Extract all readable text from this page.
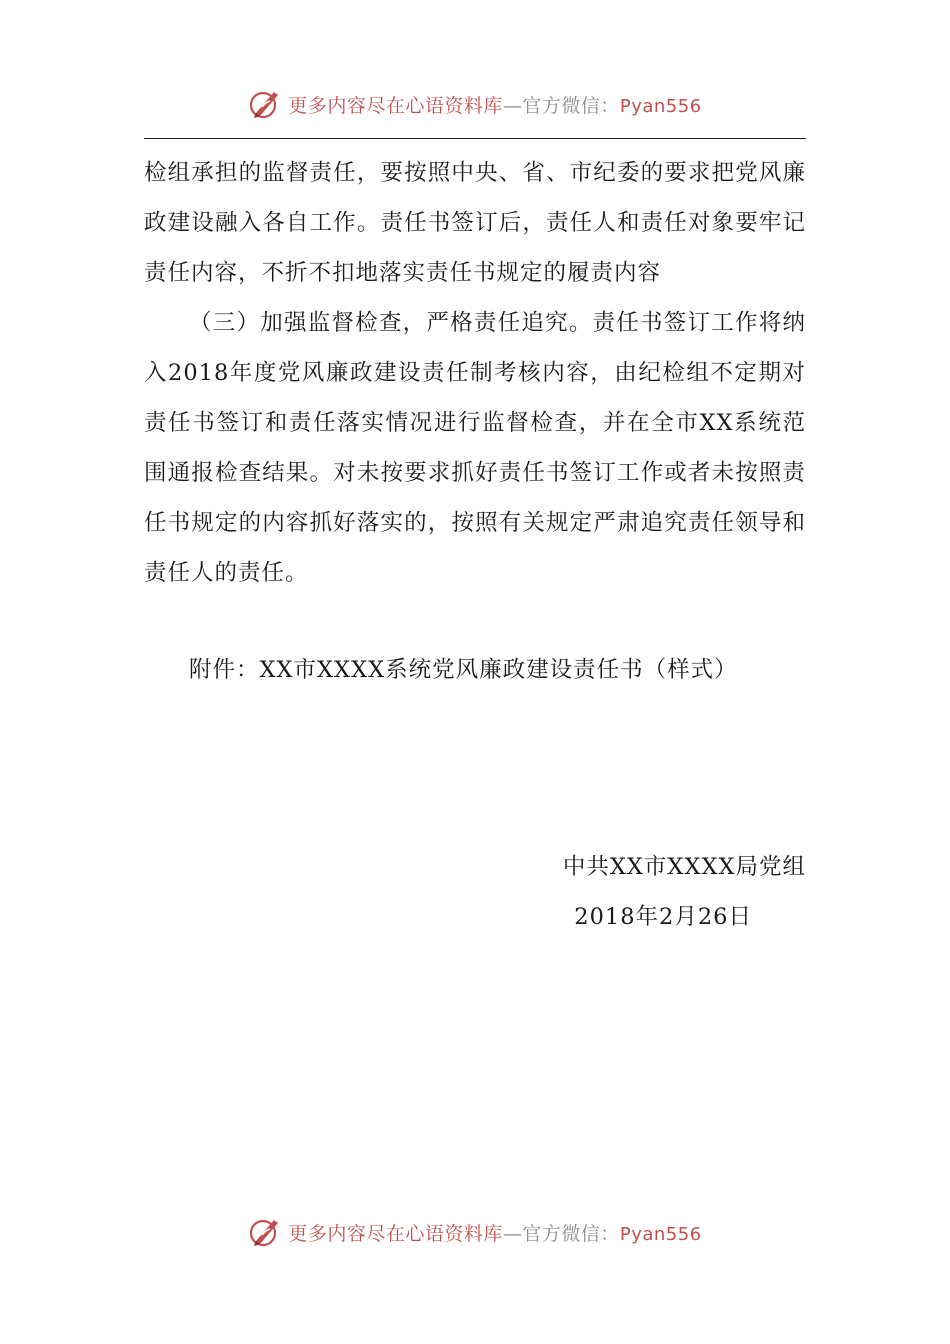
更多内容尽在心语资料库—官方微信：Pyan556

检组承担的监督责任，要按照中央、省、市纪委的要求把党风廉政建设融入各自工作。责任书签订后，责任人和责任对象要牢记责任内容，不折不扣地落实责任书规定的履责内容

（三）加强监督检查，严格责任追究。责任书签订工作将纳入2018年度党风廉政建设责任制考核内容，由纪检组不定期对责任书签订和责任落实情况进行监督检查，并在全市XX系统范围通报检查结果。对未按要求抓好责任书签订工作或者未按照责任书规定的内容抓好落实的，按照有关规定严肃追究责任领导和责任人的责任。

附件：XX市XXXX系统党风廉政建设责任书（样式）
中共XX市XXXX局党组
2018年2月26日
更多内容尽在心语资料库—官方微信：Pyan556
